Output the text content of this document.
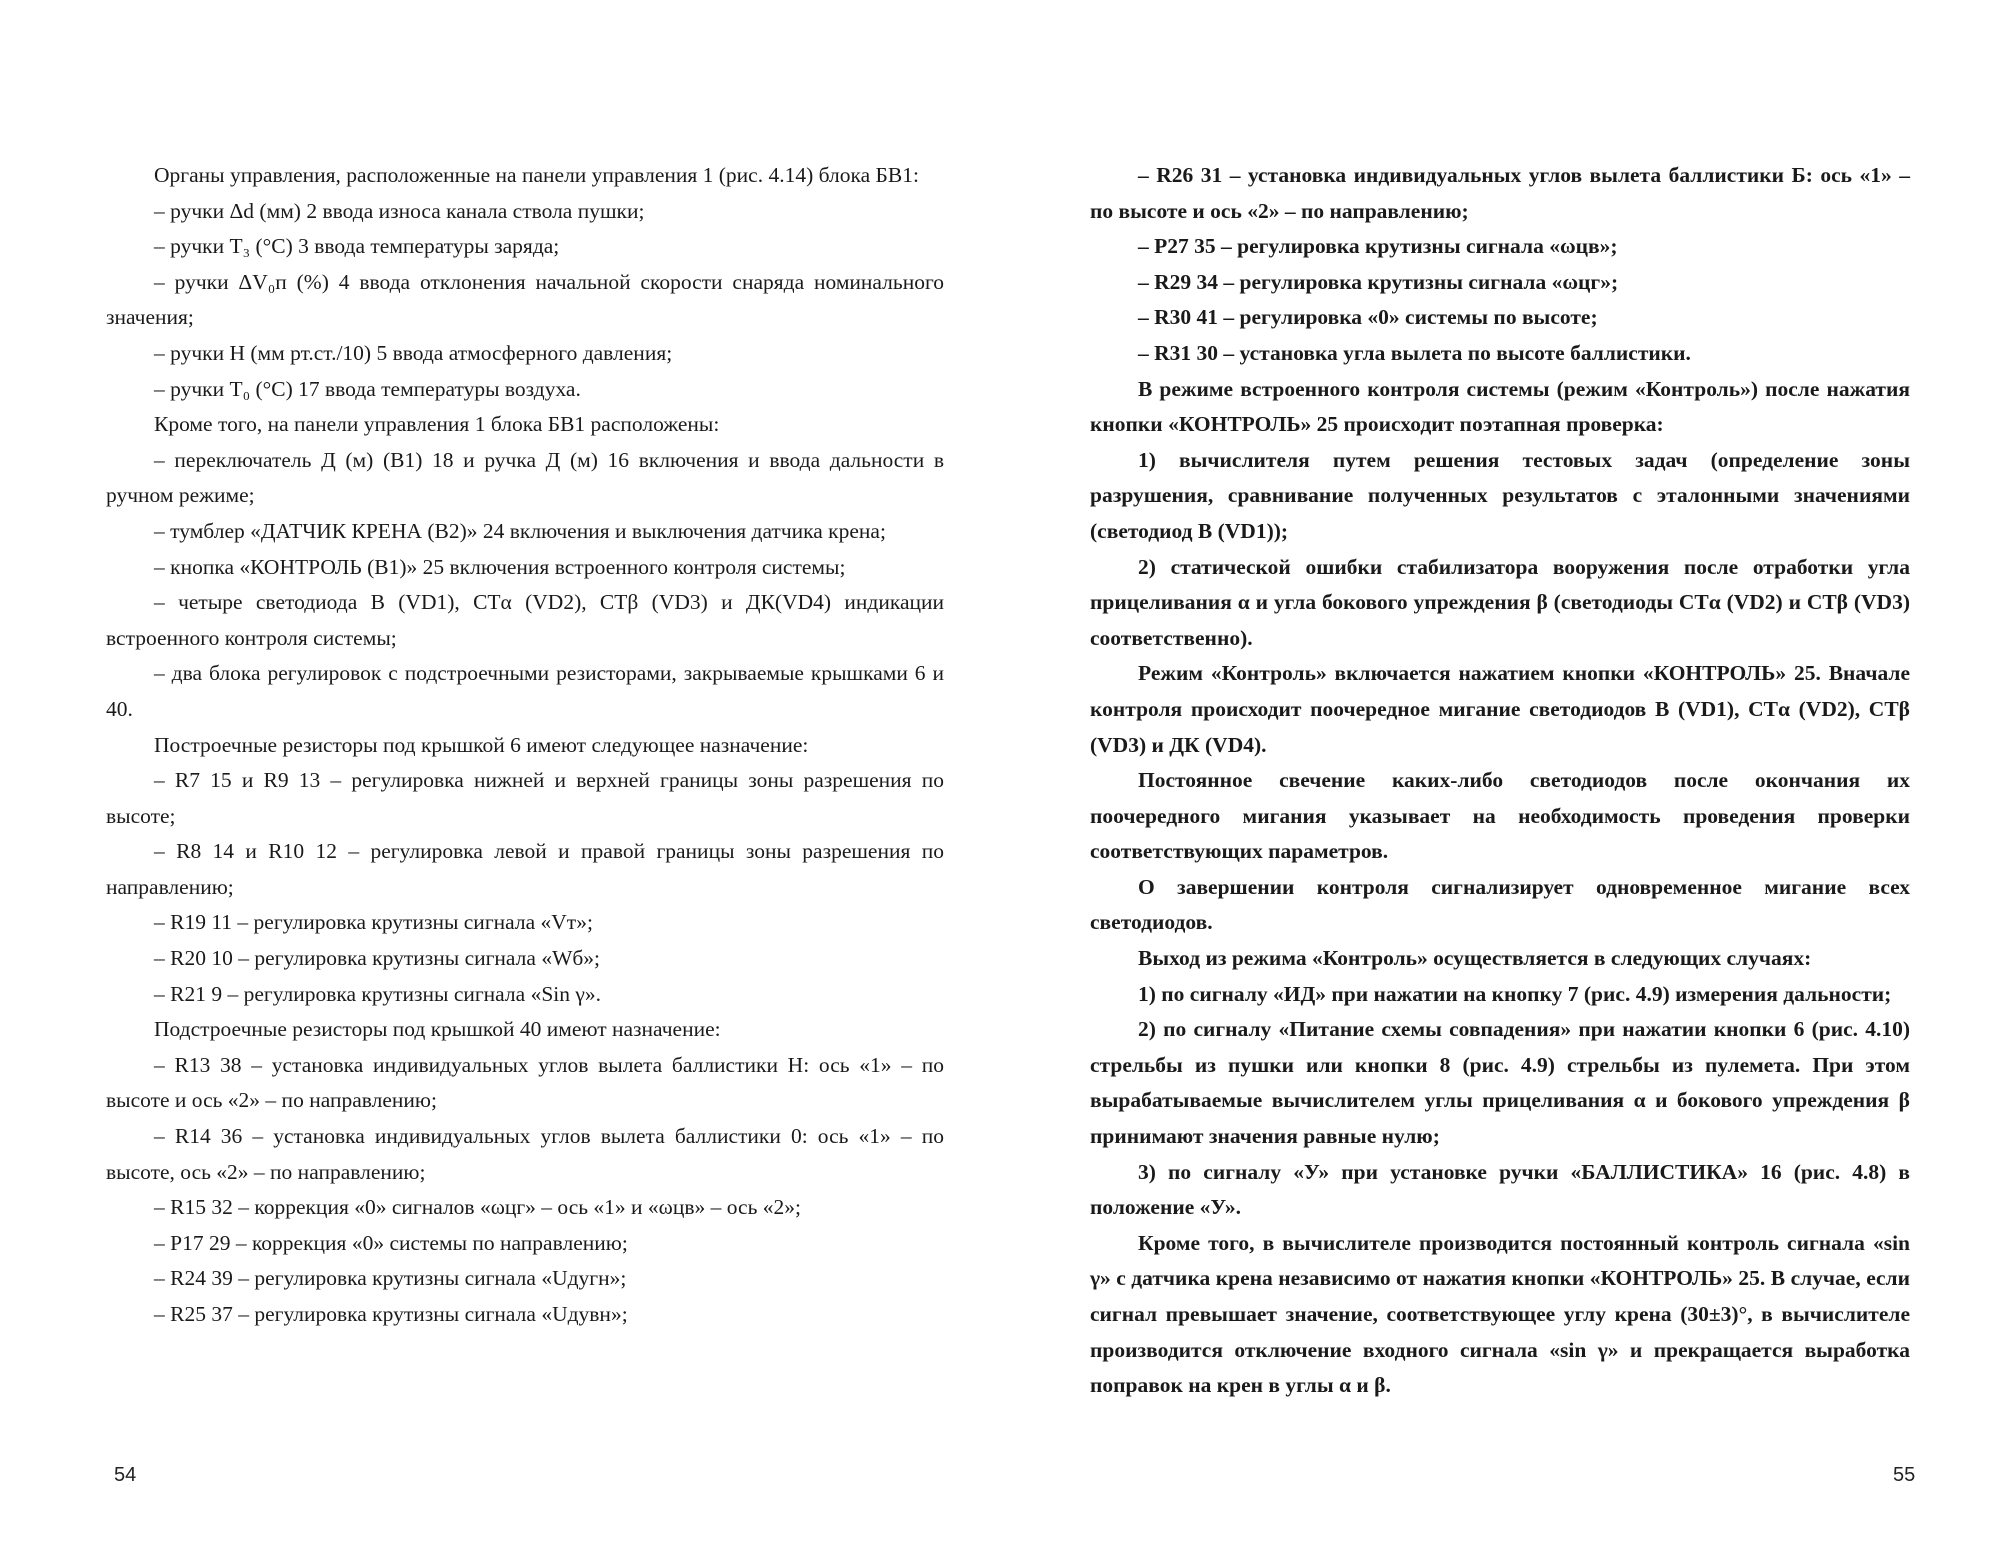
Органы управления, расположенные на панели управления 1 (рис. 4.14) блока БВ1:

– ручки Δd (мм) 2 ввода износа канала ствола пушки;

– ручки Т₃ (°С) 3 ввода температуры заряда;

– ручки ΔV₀п (%) 4 ввода отклонения начальной скорости снаряда номинального значения;

– ручки Н (мм рт.ст./10) 5 ввода атмосферного давления;

– ручки Т₀ (°С) 17 ввода температуры воздуха.

Кроме того, на панели управления 1 блока БВ1 расположены:

– переключатель Д (м) (В1) 18 и ручка Д (м) 16 включения и ввода дальности в ручном режиме;

– тумблер «ДАТЧИК КРЕНА (В2)» 24 включения и выключения датчика крена;

– кнопка «КОНТРОЛЬ (В1)» 25 включения встроенного контроля системы;

– четыре светодиода В (VD1), СТα (VD2), СТβ (VD3) и ДК(VD4) индикации встроенного контроля системы;

– два блока регулировок с подстроечными резисторами, закрываемые крышками 6 и 40.

Построечные резисторы под крышкой 6 имеют следующее назначение:

– R7 15 и R9 13 – регулировка нижней и верхней границы зоны разрешения по высоте;

– R8 14 и R10 12 – регулировка левой и правой границы зоны разрешения по направлению;

– R19 11 – регулировка крутизны сигнала «Vт»;

– R20 10 – регулировка крутизны сигнала «Wб»;

– R21 9 – регулировка крутизны сигнала «Sin γ».

Подстроечные резисторы под крышкой 40 имеют назначение:

– R13 38 – установка индивидуальных углов вылета баллистики Н: ось «1» – по высоте и ось «2» – по направлению;

– R14 36 – установка индивидуальных углов вылета баллистики 0: ось «1» – по высоте, ось «2» – по направлению;

– R15 32 – коррекция «0» сигналов «ωцг» – ось «1» и «ωцв» – ось «2»;

– Р17 29 – коррекция «0» системы по направлению;

– R24 39 – регулировка крутизны сигнала «Uдугн»;

– R25 37 – регулировка крутизны сигнала «Uдувн»;

54

– R26 31 – установка индивидуальных углов вылета баллистики Б: ось «1» – по высоте и ось «2» – по направлению;

– Р27 35 – регулировка крутизны сигнала «ωцв»;

– R29 34 – регулировка крутизны сигнала «ωцг»;

– R30 41 – регулировка «0» системы по высоте;

– R31 30 – установка угла вылета по высоте баллистики.

В режиме встроенного контроля системы (режим «Контроль») после нажатия кнопки «КОНТРОЛЬ» 25 происходит поэтапная проверка:

1) вычислителя путем решения тестовых задач (определение зоны разрушения, сравнивание полученных результатов с эталонными значениями (светодиод В (VD1));

2) статической ошибки стабилизатора вооружения после отработки угла прицеливания α и угла бокового упреждения β (светодиоды СТα (VD2) и СТβ (VD3) соответственно).

Режим «Контроль» включается нажатием кнопки «КОНТРОЛЬ» 25. Вначале контроля происходит поочередное мигание светодиодов В (VD1), СТα (VD2), СТβ (VD3) и ДК (VD4).

Постоянное свечение каких-либо светодиодов после окончания их поочередного мигания указывает на необходимость проведения проверки соответствующих параметров.

О завершении контроля сигнализирует одновременное мигание всех светодиодов.

Выход из режима «Контроль» осуществляется в следующих случаях:

1) по сигналу «ИД» при нажатии на кнопку 7 (рис. 4.9) измерения дальности;

2) по сигналу «Питание схемы совпадения» при нажатии кнопки 6 (рис. 4.10) стрельбы из пушки или кнопки 8 (рис. 4.9) стрельбы из пулемета. При этом вырабатываемые вычислителем углы прицеливания α и бокового упреждения β принимают значения равные нулю;

3) по сигналу «У» при установке ручки «БАЛЛИСТИКА» 16 (рис. 4.8) в положение «У».

Кроме того, в вычислителе производится постоянный контроль сигнала «sin γ» с датчика крена независимо от нажатия кнопки «КОНТРОЛЬ» 25. В случае, если сигнал превышает значение, соответствующее углу крена (30±3)°, в вычислителе производится отключение входного сигнала «sin γ» и прекращается выработка поправок на крен в углы α и β.

55
